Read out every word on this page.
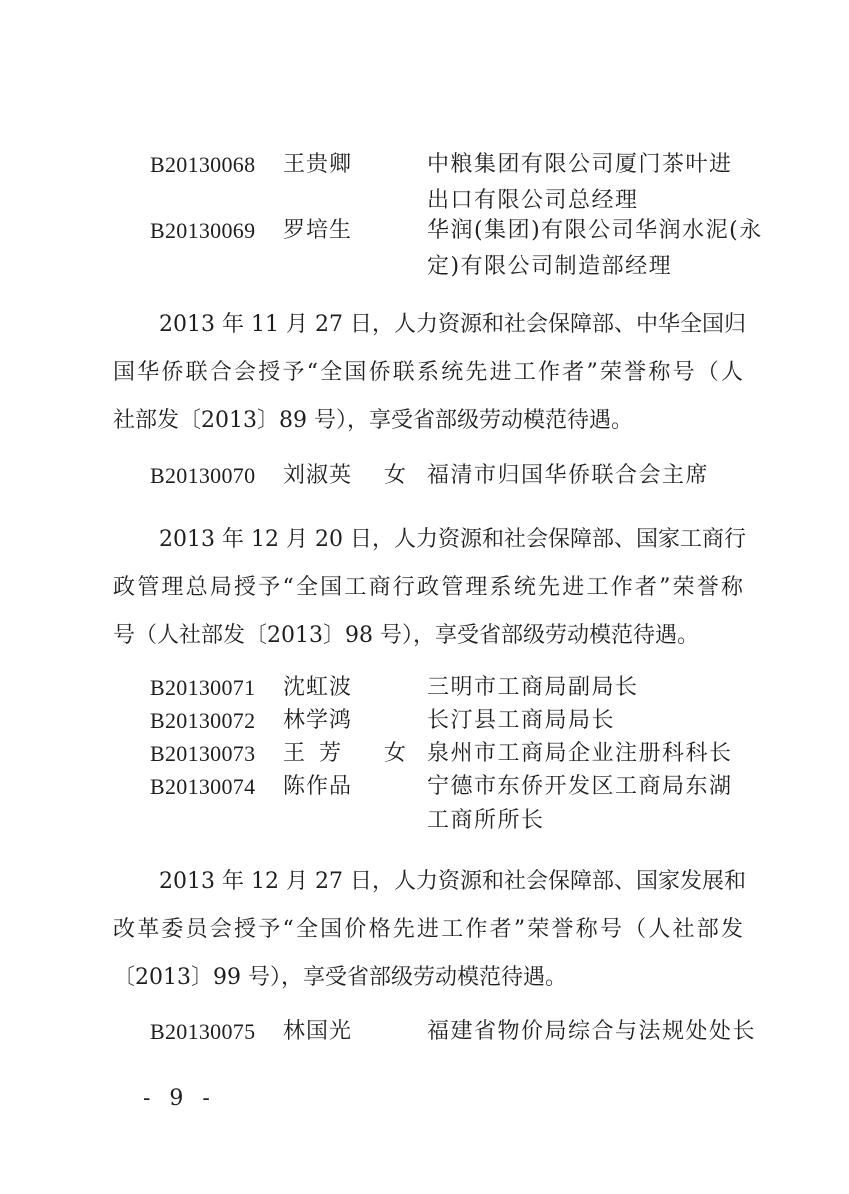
B20130068 王贵卿	中粮集团有限公司厦门茶叶进
出口有限公司总经理
B20130069 罗培生	华润(集团)有限公司华润水泥(永
定)有限公司制造部经理
2013 年 11 月 27 日，人力资源和社会保障部、中华全国归
国华侨联合会授予“全国侨联系统先进工作者”荣誉称号（人
社部发〔2013〕89 号），享受省部级劳动模范待遇。
B20130070 刘淑英 女 福清市归国华侨联合会主席
2013 年 12 月 20 日，人力资源和社会保障部、国家工商行
政管理总局授予“全国工商行政管理系统先进工作者”荣誉称
号（人社部发〔2013〕98 号），享受省部级劳动模范待遇。
B20130071 沈虹波	三明市工商局副局长
B20130072 林学鸿	长汀县工商局局长
B20130073 王芳 女 泉州市工商局企业注册科科长
B20130074 陈作品	宁德市东侨开发区工商局东湖
工商所所长
2013 年 12 月 27 日，人力资源和社会保障部、国家发展和
改革委员会授予“全国价格先进工作者”荣誉称号（人社部发
〔2013〕99 号），享受省部级劳动模范待遇。
B20130075 林国光	福建省物价局综合与法规处处长
- 9 -
